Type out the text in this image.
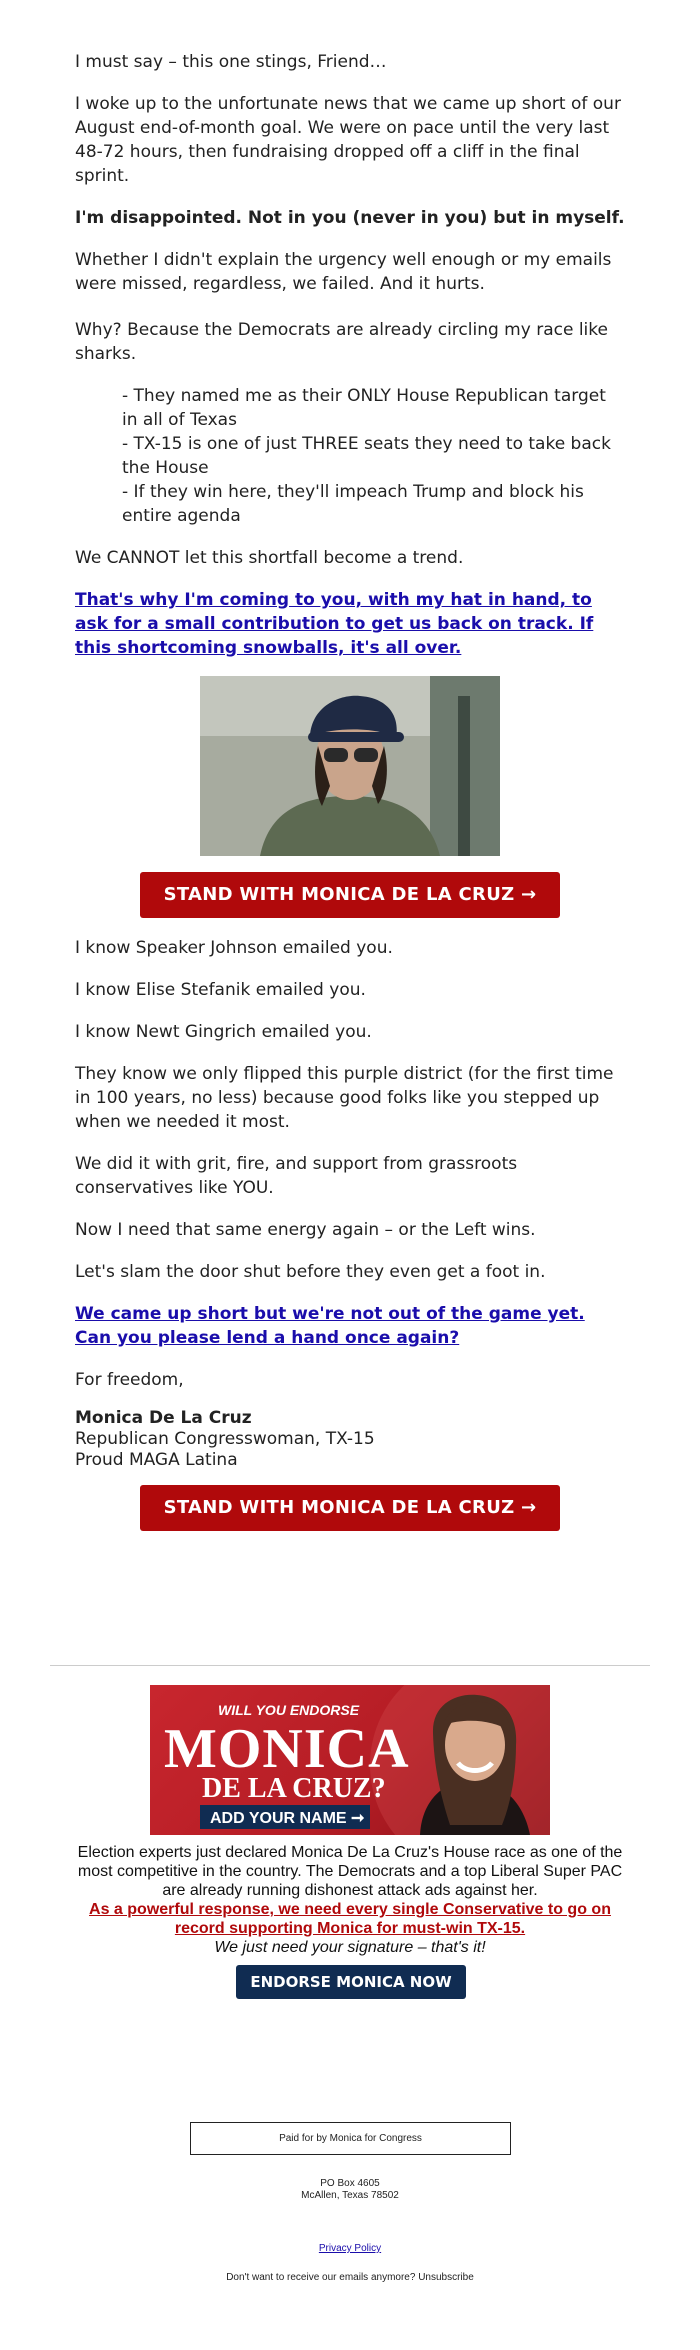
I must say – this one stings, Friend…

I woke up to the unfortunate news that we came up short of our August end-of-month goal. We were on pace until the very last 48-72 hours, then fundraising dropped off a cliff in the final sprint.

I'm disappointed. Not in you (never in you) but in myself.

Whether I didn't explain the urgency well enough or my emails were missed, regardless, we failed. And it hurts.

Why? Because the Democrats are already circling my race like sharks.

- They named me as their ONLY House Republican target in all of Texas

- TX-15 is one of just THREE seats they need to take back the House

- If they win here, they'll impeach Trump and block his entire agenda

We CANNOT let this shortfall become a trend.

That's why I'm coming to you, with my hat in hand, to ask for a small contribution to get us back on track. If this shortcoming snowballs, it's all over.
STAND WITH MONICA DE LA CRUZ →

I know Speaker Johnson emailed you.

I know Elise Stefanik emailed you.

I know Newt Gingrich emailed you.

They know we only flipped this purple district (for the first time in 100 years, no less) because good folks like you stepped up when we needed it most.

We did it with grit, fire, and support from grassroots conservatives like YOU.

Now I need that same energy again – or the Left wins.

Let's slam the door shut before they even get a foot in.

We came up short but we're not out of the game yet. Can you please lend a hand once again?

For freedom,

Monica De La Cruz

Republican Congresswoman, TX-15

Proud MAGA Latina

STAND WITH MONICA DE LA CRUZ →
WILL YOU ENDORSE
MONICA
DE LA CRUZ?
ADD YOUR NAME ➞
Election experts just declared Monica De La Cruz's House race as one of the most competitive in the country. The Democrats and a top Liberal Super PAC are already running dishonest attack ads against her.
As a powerful response, we need every single Conservative to go on record supporting Monica for must-win TX-15.
We just need your signature – that's it!
ENDORSE MONICA NOW
Paid for by Monica for Congress
PO Box 4605
McAllen, Texas 78502
Privacy Policy
Don't want to receive our emails anymore? Unsubscribe
